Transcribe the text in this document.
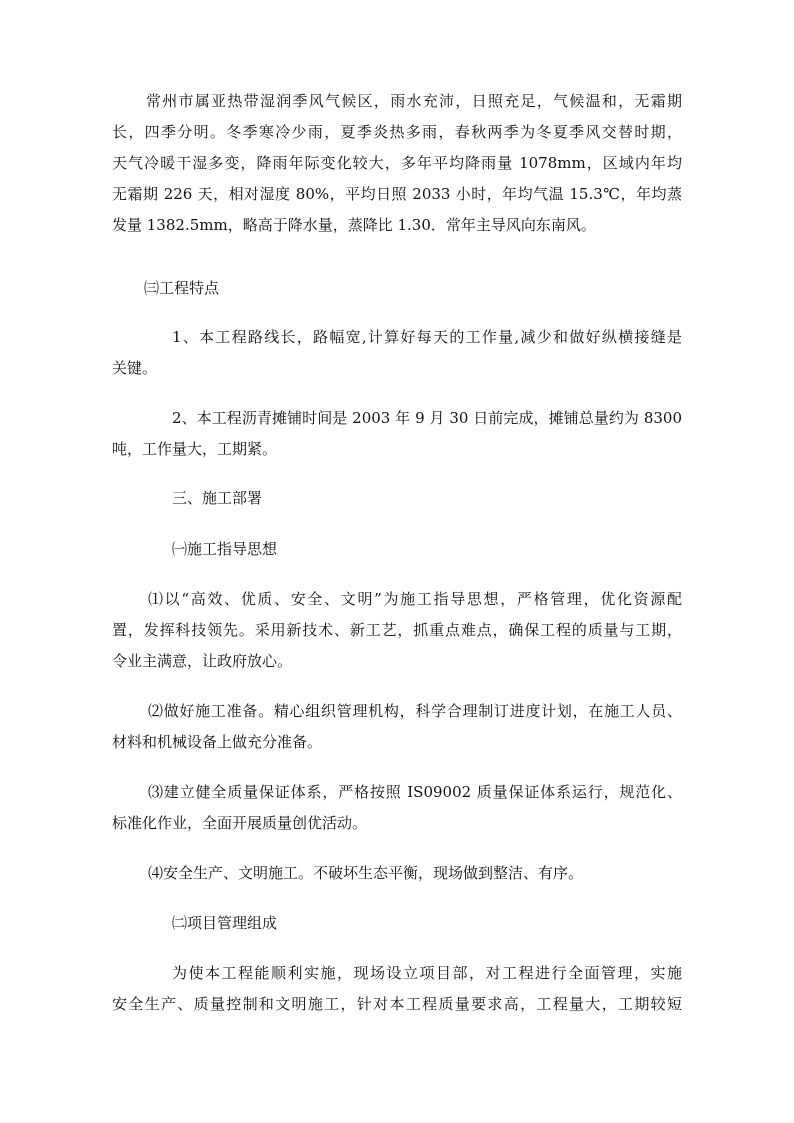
常州市属亚热带湿润季风气候区，雨水充沛，日照充足，气候温和，无霜期
长，四季分明。冬季寒冷少雨，夏季炎热多雨，春秋两季为冬夏季风交替时期，
天气冷暖干湿多变，降雨年际变化较大，多年平均降雨量 1078mm，区域内年均
无霜期 226 天，相对湿度 80%，平均日照 2033 小时，年均气温 15.3℃，年均蒸
发量 1382.5mm，略高于降水量，蒸降比 1.30．常年主导风向东南风。
㈢工程特点
1、本工程路线长，路幅宽,计算好每天的工作量,减少和做好纵横接缝是
关键。
2、本工程沥青摊铺时间是 2003 年 9 月 30 日前完成，摊铺总量约为 8300
吨，工作量大，工期紧。
三、施工部署
㈠施工指导思想
⑴以“高效、优质、安全、文明”为施工指导思想，严格管理，优化资源配
置，发挥科技领先。采用新技术、新工艺，抓重点难点，确保工程的质量与工期，
令业主满意，让政府放心。
⑵做好施工准备。精心组织管理机构，科学合理制订进度计划，在施工人员、
材料和机械设备上做充分准备。
⑶建立健全质量保证体系，严格按照 IS09002 质量保证体系运行，规范化、
标准化作业，全面开展质量创优活动。
⑷安全生产、文明施工。不破坏生态平衡，现场做到整洁、有序。
㈡项目管理组成
为使本工程能顺利实施，现场设立项目部，对工程进行全面管理，实施
安全生产、质量控制和文明施工，针对本工程质量要求高，工程量大，工期较短
